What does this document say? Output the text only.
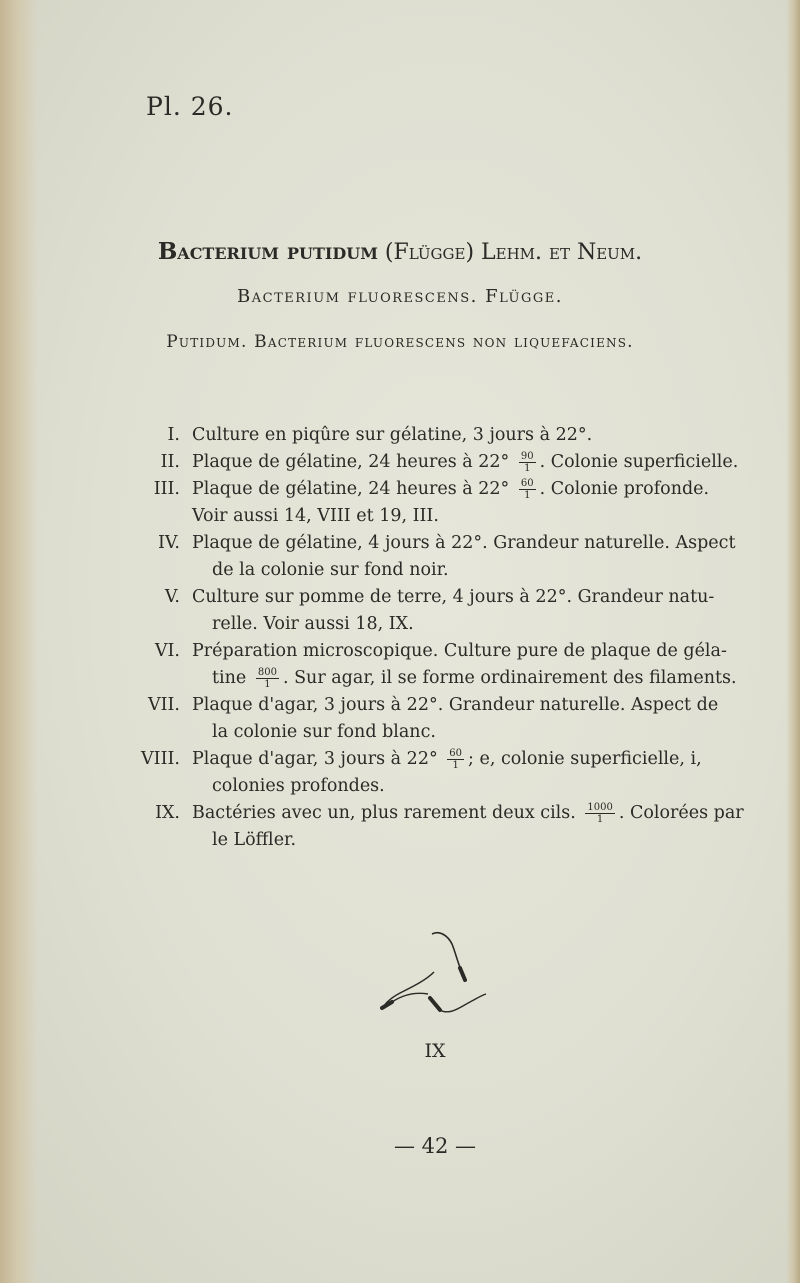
Pl. 26.
Bacterium putidum (Flügge) Lehm. et Neum.
Bacterium fluorescens. Flügge.
Putidum. Bacterium fluorescens non liquefaciens.
I. Culture en piqûre sur gélatine, 3 jours à 22°.
II. Plaque de gélatine, 24 heures à $22^\circ \frac{90}{1}$ . Colonie superficielle.
III. Plaque de gélatine, 24 heures à $22^\circ \frac{60}{1}$ . Colonie profonde.
Voir aussi 14, VIII et 19, III.
IV. Plaque de gélatine, 4 jours à 22°. Grandeur naturelle. Aspect
de la colonie sur fond noir.
V. Culture sur pomme de terre, 4 jours à 22°. Grandeur natu-
relle. Voir aussi 18, IX.
VI. Préparation microscopique. Culture pure de plaque de géla-
tine $\frac{800}{1}$ . Sur agar, il se forme ordinairement des filaments.
VII. Plaque d'agar, 3 jours à 22°. Grandeur naturelle. Aspect de
la colonie sur fond blanc.
VIII. Plaque d'agar, 3 jours à $22^\circ \frac{60}{1}$ ; e, colonie superficielle, i,
colonies profondes.
IX. Bactéries avec un, plus rarement deux cils. $\frac{1000}{1}$ . Colorées par
le Löffler.
IX
— 42 —
